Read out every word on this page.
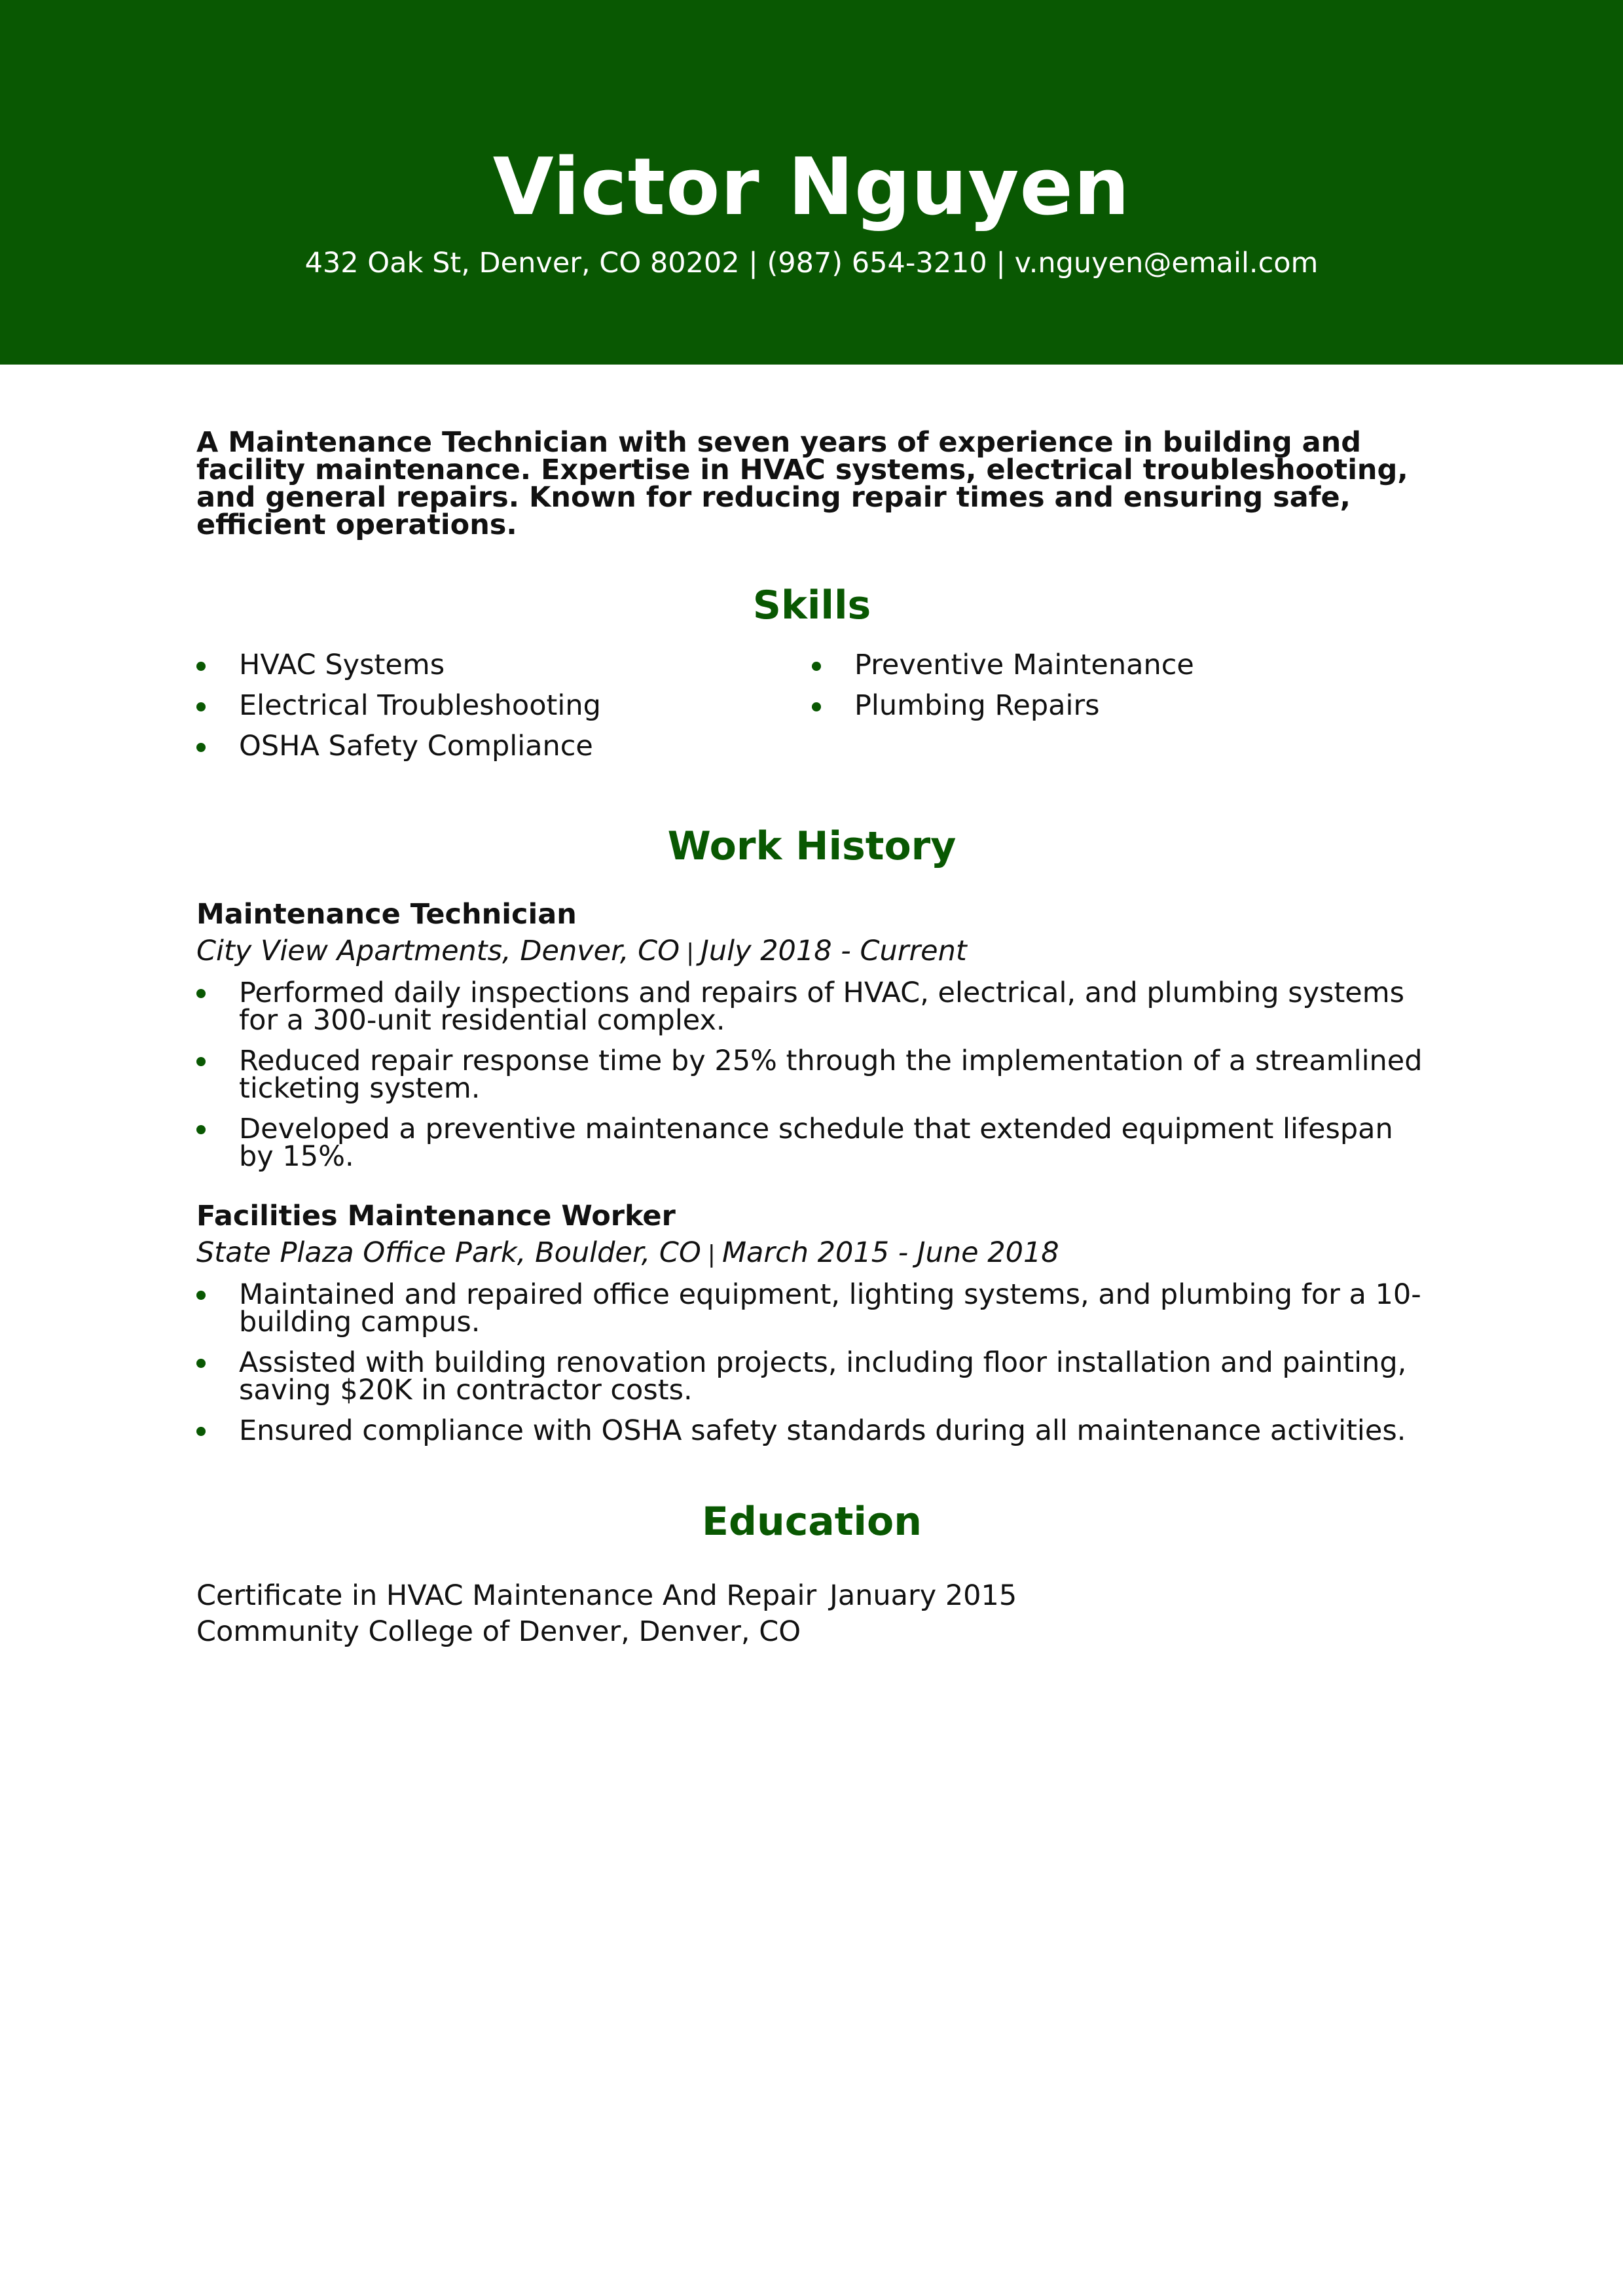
Victor Nguyen
432 Oak St, Denver, CO 80202 | (987) 654-3210 | v.nguyen@email.com

A Maintenance Technician with seven years of experience in building and facility maintenance. Expertise in HVAC systems, electrical troubleshooting, and general repairs. Known for reducing repair times and ensuring safe, efficient operations.

Skills
HVAC Systems
Electrical Troubleshooting
OSHA Safety Compliance
Preventive Maintenance
Plumbing Repairs
Work History
Maintenance Technician
City View Apartments, Denver, CO | July 2018 - Current
Performed daily inspections and repairs of HVAC, electrical, and plumbing systems for a 300-unit residential complex.
Reduced repair response time by 25% through the implementation of a streamlined ticketing system.
Developed a preventive maintenance schedule that extended equipment lifespan by 15%.
Facilities Maintenance Worker
State Plaza Office Park, Boulder, CO | March 2015 - June 2018
Maintained and repaired office equipment, lighting systems, and plumbing for a 10-building campus.
Assisted with building renovation projects, including floor installation and painting, saving $20K in contractor costs.
Ensured compliance with OSHA safety standards during all maintenance activities.
Education
Certificate in HVAC Maintenance And Repair January 2015
Community College of Denver, Denver, CO
